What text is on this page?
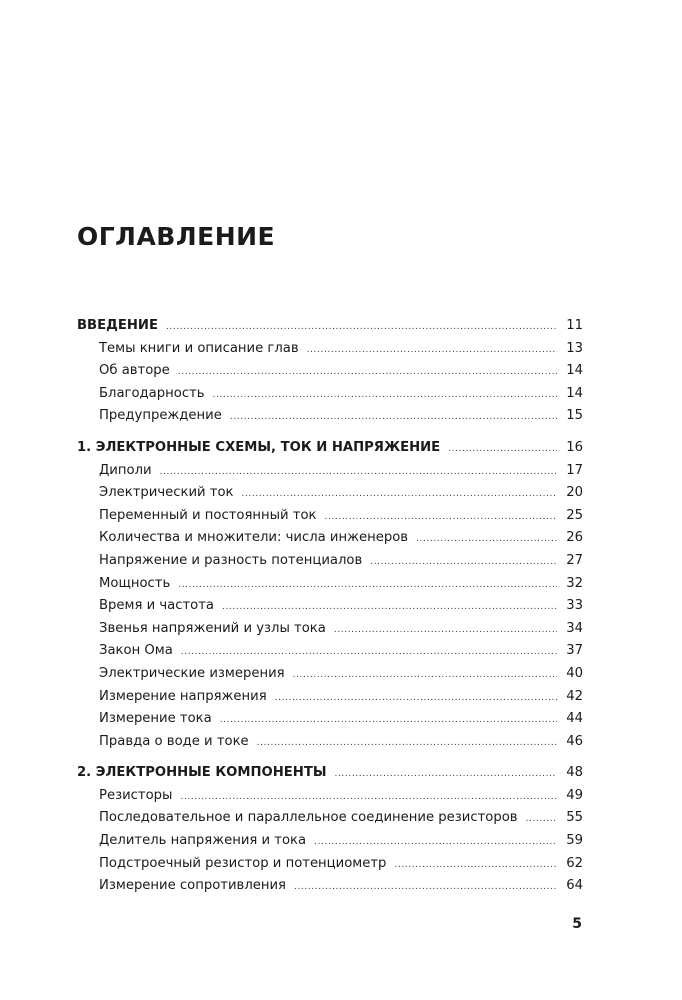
ОГЛАВЛЕНИЕ
ВВЕДЕНИЕ .....	11
Темы книги и описание глав .....	13
Об авторе .....	14
Благодарность .....	14
Предупреждение .....	15
1. ЭЛЕКТРОННЫЕ СХЕМЫ, ТОК И НАПРЯЖЕНИЕ .....	16
Диполи .....	17
Электрический ток .....	20
Переменный и постоянный ток .....	25
Количества и множители: числа инженеров .....	26
Напряжение и разность потенциалов .....	27
Мощность .....	32
Время и частота .....	33
Звенья напряжений и узлы тока .....	34
Закон Ома .....	37
Электрические измерения .....	40
Измерение напряжения .....	42
Измерение тока .....	44
Правда о воде и токе .....	46
2. ЭЛЕКТРОННЫЕ КОМПОНЕНТЫ .....	48
Резисторы .....	49
Последовательное и параллельное соединение резисторов .....	55
Делитель напряжения и тока .....	59
Подстроечный резистор и потенциометр .....	62
Измерение сопротивления .....	64
5
